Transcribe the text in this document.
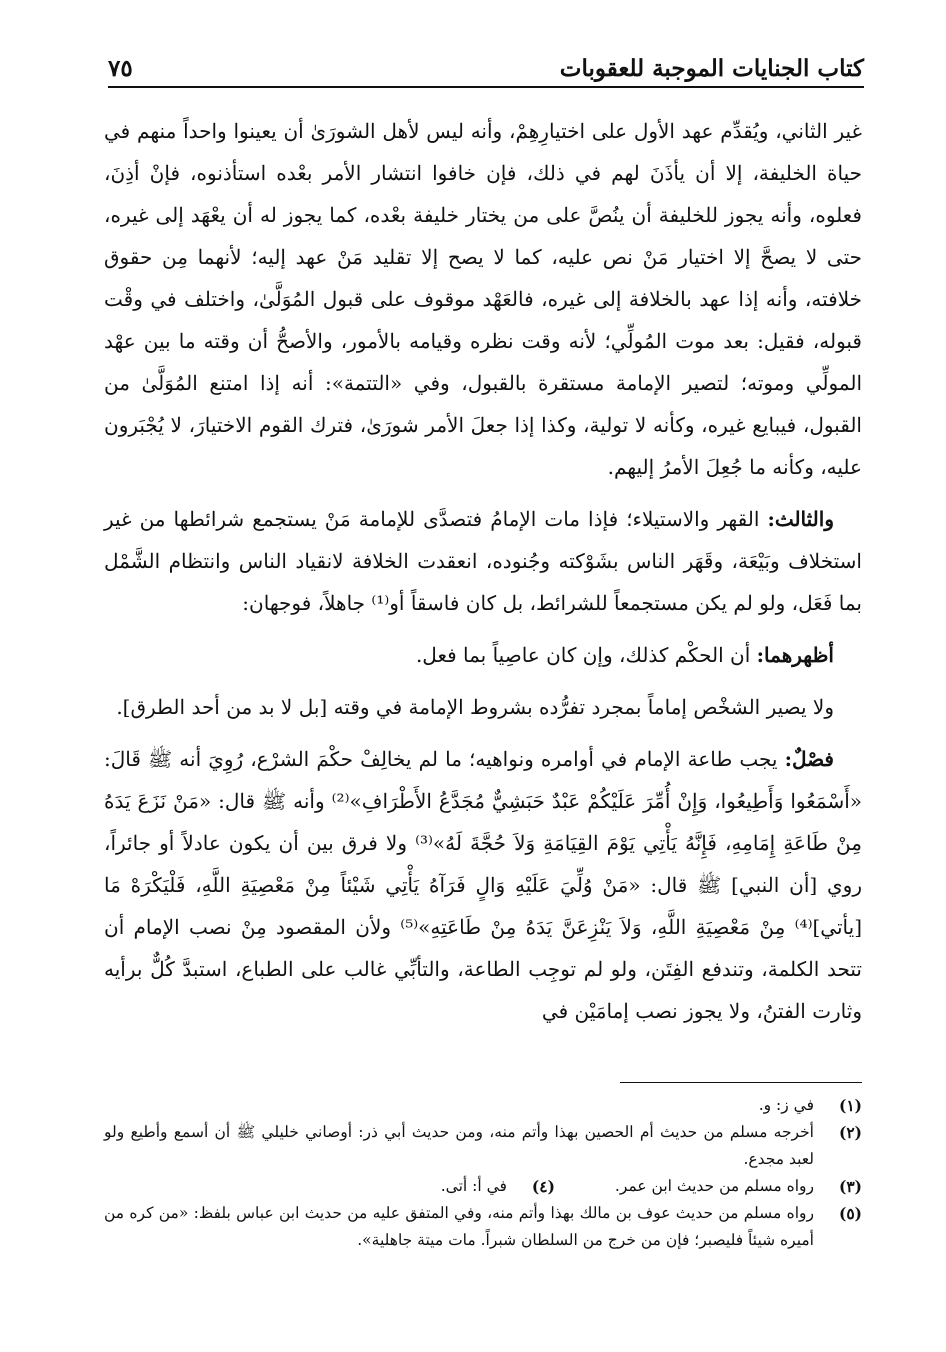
كتاب الجنايات الموجبة للعقوبات
٧٥

غير الثاني، ويُقدِّم عهد الأول على اختيارِهِمْ، وأنه ليس لأهل الشورَىٰ أن يعينوا واحداً منهم في حياة الخليفة، إلا أن يأذَنَ لهم في ذلك، فإن خافوا انتشار الأمر بعْده استأذنوه، فإنْ أذِنَ، فعلوه، وأنه يجوز للخليفة أن ينُصَّ على من يختار خليفة بعْده، كما يجوز له أن يعْهَد إلى غيره، حتى لا يصحَّ إلا اختيار مَنْ نص عليه، كما لا يصح إلا تقليد مَنْ عهد إليه؛ لأنهما مِن حقوق خلافته، وأنه إذا عهد بالخلافة إلى غيره، فالعَهْد موقوف على قبول المُوَلَّىٰ، واختلف في وقْت قبوله، فقيل: بعد موت المُولِّي؛ لأنه وقت نظره وقيامه بالأمور، والأصحُّ أن وقته ما بين عهْد المولِّي وموته؛ لتصير الإمامة مستقرة بالقبول، وفي «التتمة»: أنه إذا امتنع المُوَلَّىٰ من القبول، فيبايع غيره، وكأنه لا تولية، وكذا إذا جعلَ الأمر شورَىٰ، فترك القوم الاختيارَ، لا يُجْبَرون عليه، وكأنه ما جُعِلَ الأمرُ إليهم.

والثالث: القهر والاستيلاء؛ فإذا مات الإمامُ فتصدَّى للإمامة مَنْ يستجمع شرائطها من غير استخلاف وبَيْعَة، وقَهَر الناس بشَوْكته وجُنوده، انعقدت الخلافة لانقياد الناس وانتظام الشَّمْل بما فَعَل، ولو لم يكن مستجمعاً للشرائط، بل كان فاسقاً أو⁽¹⁾ جاهلاً، فوجهان:

أظهرهما: أن الحكْم كذلك، وإن كان عاصِياً بما فعل.

ولا يصير الشخْص إماماً بمجرد تفرُّده بشروط الإمامة في وقته [بل لا بد من أحد الطرق].

فصْلٌ: يجب طاعة الإمام في أوامره ونواهيه؛ ما لم يخالِفْ حكْمَ الشرْع، رُوِيَ أنه ﷺ قَالَ: «أَسْمَعُوا وَأَطِيعُوا، وَإِنْ أُمِّرَ عَلَيْكُمْ عَبْدٌ حَبَشِيٌّ مُجَدَّعُ الأَطْرَافِ»⁽²⁾ وأنه ﷺ قال: «مَنْ نَزَعَ يَدَهُ مِنْ طَاعَةِ إِمَامِهِ، فَإِنَّهُ يَأْتِي يَوْمَ القِيَامَةِ وَلاَ حُجَّةَ لَهُ»⁽³⁾ ولا فرق بين أن يكون عادلاً أو جائراً، روي [أن النبي] ﷺ قال: «مَنْ وُلِّيَ عَلَيْهِ وَالٍ فَرَآهُ يَأْتِي شَيْئاً مِنْ مَعْصِيَةِ اللَّهِ، فَلْيَكْرَهْ مَا [يأتي]⁽⁴⁾ مِنْ مَعْصِيَةِ اللَّهِ، وَلاَ يَنْزِعَنَّ يَدَهُ مِنْ طَاعَتِهِ»⁽⁵⁾ ولأن المقصود مِنْ نصب الإمام أن تتحد الكلمة، وتندفع الفِتَن، ولو لم توجِب الطاعة، والتأبِّي غالب على الطباع، استبدَّ كُلٌّ برأيه وثارت الفتنُ، ولا يجوز نصب إمامَيْن في

(١)
في ز: و.
(٢)
أخرجه مسلم من حديث أم الحصين بهذا وأتم منه، ومن حديث أبي ذر: أوصاني خليلي ﷺ أن أسمع وأطيع ولو لعبد مجدع.
(٣)
رواه مسلم من حديث ابن عمر.
(٤)
في أ: أتى.
(٥)
رواه مسلم من حديث عوف بن مالك بهذا وأتم منه، وفي المتفق عليه من حديث ابن عباس بلفظ: «من كره من أميره شيئاً فليصبر؛ فإن من خرج من السلطان شبراً. مات ميتة جاهلية».
